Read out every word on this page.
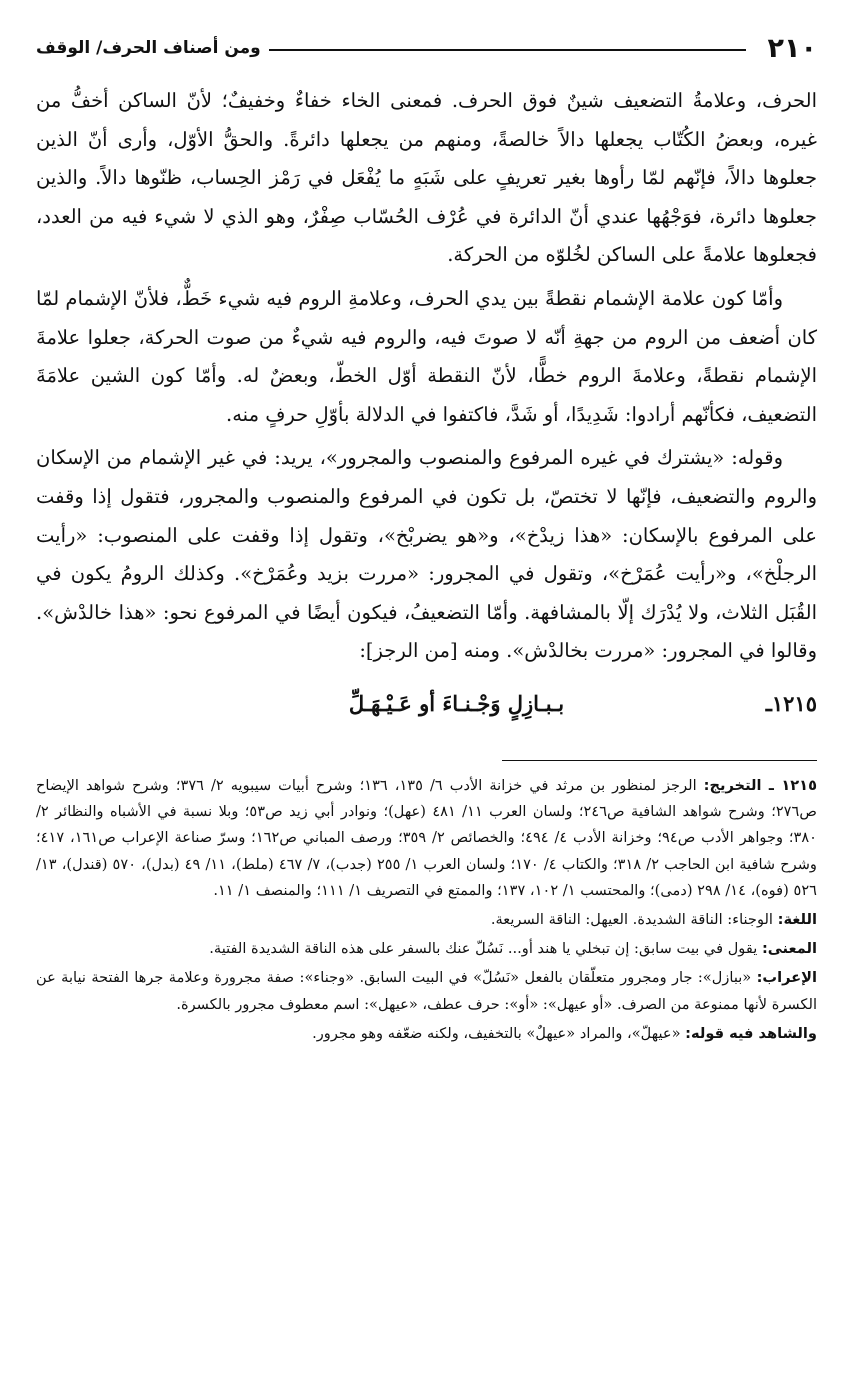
٢١٠
ومن أصناف الحرف/ الوقف

الحرف، وعلامةُ التضعيف شينٌ فوق الحرف. فمعنى الخاء خفاءٌ وخفيفٌ؛ لأنّ الساكن أخفُّ من غيره، وبعضُ الكُتّاب يجعلها دالاً خالصةً، ومنهم من يجعلها دائرةً. والحقُّ الأوّل، وأرى أنّ الذين جعلوها دالاً، فإنّهم لمّا رأوها بغير تعريفٍ على شَبَهٍ ما يُفْعَل في رَمْز الحِساب، ظنّوها دالاً. والذين جعلوها دائرة، فوَجْهُها عندي أنّ الدائرة في عُرْف الحُسّاب صِفْرٌ، وهو الذي لا شيء فيه من العدد، فجعلوها علامةً على الساكن لخُلوّه من الحركة.

وأمّا كون علامة الإشمام نقطةً بين يدي الحرف، وعلامةِ الروم فيه شيء خَطٌّ، فلأنّ الإشمام لمّا كان أضعف من الروم من جهةِ أنّه لا صوتَ فيه، والروم فيه شيءٌ من صوت الحركة، جعلوا علامةَ الإشمام نقطةً، وعلامةَ الروم خطًّا، لأنّ النقطة أوّل الخطّ، وبعضٌ له. وأمّا كون الشين علامَةَ التضعيف، فكأنّهم أرادوا: شَدِيدًا، أو شَدَّ، فاكتفوا في الدلالة بأوّلِ حرفٍ منه.

وقوله: «يشترك في غيره المرفوع والمنصوب والمجرور»، يريد: في غير الإشمام من الإسكان والروم والتضعيف، فإنّها لا تختصّ، بل تكون في المرفوع والمنصوب والمجرور، فتقول إذا وقفت على المرفوع بالإسكان: «هذا زيدْخ»، و«هو يضربْخ»، وتقول إذا وقفت على المنصوب: «رأيت الرجلْخ»، و«رأيت عُمَرْخ»، وتقول في المجرور: «مررت بزيد وعُمَرْخ». وكذلك الرومُ يكون في القُبَل الثلاث، ولا يُدْرَك إلّا بالمشافهة. وأمّا التضعيفُ، فيكون أيضًا في المرفوع نحو: «هذا خالدْش». وقالوا في المجرور: «مررت بخالدْش». ومنه [من الرجز]:

١٢١٥ـ
بـبـازِلٍ وَجْـنـاءَ أو عَـيْـهَـلِّ

١٢١٥ ـ التخريج: الرجز لمنظور بن مرثد في خزانة الأدب ٦/ ١٣٥، ١٣٦؛ وشرح أبيات سيبويه ٢/ ٣٧٦؛ وشرح شواهد الإيضاح ص٢٧٦؛ وشرح شواهد الشافية ص٢٤٦؛ ولسان العرب ١١/ ٤٨١ (عهل)؛ ونوادر أبي زيد ص٥٣؛ وبلا نسبة في الأشباه والنظائر ٢/ ٣٨٠؛ وجواهر الأدب ص٩٤؛ وخزانة الأدب ٤/ ٤٩٤؛ والخصائص ٢/ ٣٥٩؛ ورصف المباني ص١٦٢؛ وسرّ صناعة الإعراب ص١٦١، ٤١٧؛ وشرح شافية ابن الحاجب ٢/ ٣١٨؛ والكتاب ٤/ ١٧٠؛ ولسان العرب ١/ ٢٥٥ (جدب)، ٧/ ٤٦٧ (ملط)، ١١/ ٤٩ (بدل)، ٥٧٠ (قندل)، ١٣/ ٥٢٦ (فوه)، ١٤/ ٢٩٨ (دمى)؛ والمحتسب ١/ ١٠٢، ١٣٧؛ والممتع في التصريف ١/ ١١١؛ والمنصف ١/ ١١.

اللغة: الوجناء: الناقة الشديدة. العيهل: الناقة السريعة.

المعنى: يقول في بيت سابق: إن تبخلي يا هند أو... نَسُلّ عنك بالسفر على هذه الناقة الشديدة الفتية.

الإعراب: «ببازل»: جار ومجرور متعلّقان بالفعل «نَسُلّ» في البيت السابق. «وجناء»: صفة مجرورة وعلامة جرها الفتحة نيابة عن الكسرة لأنها ممنوعة من الصرف. «أو عيهل»: «أو»: حرف عطف، «عيهل»: اسم معطوف مجرور بالكسرة.

والشاهد فيه قوله: «عيهلّ»، والمراد «عيهلٌ» بالتخفيف، ولكنه ضعّفه وهو مجرور.
